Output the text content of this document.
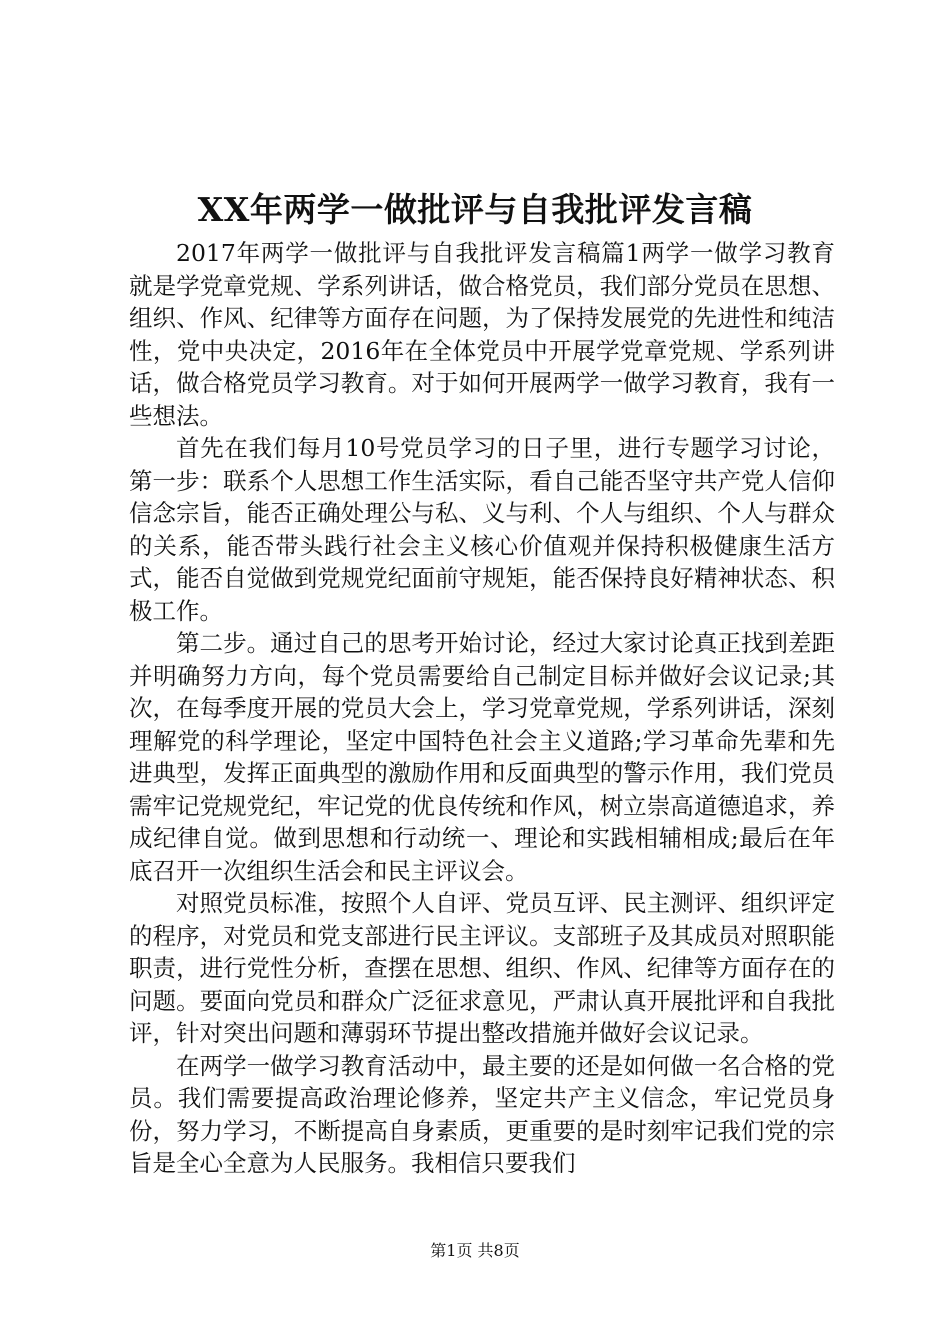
XX年两学一做批评与自我批评发言稿

2017年两学一做批评与自我批评发言稿篇1两学一做学习教育就是学党章党规、学系列讲话，做合格党员，我们部分党员在思想、组织、作风、纪律等方面存在问题，为了保持发展党的先进性和纯洁性，党中央决定，2016年在全体党员中开展学党章党规、学系列讲话，做合格党员学习教育。对于如何开展两学一做学习教育，我有一些想法。

首先在我们每月10号党员学习的日子里，进行专题学习讨论，第一步：联系个人思想工作生活实际，看自己能否坚守共产党人信仰信念宗旨，能否正确处理公与私、义与利、个人与组织、个人与群众的关系，能否带头践行社会主义核心价值观并保持积极健康生活方式，能否自觉做到党规党纪面前守规矩，能否保持良好精神状态、积极工作。

第二步。通过自己的思考开始讨论，经过大家讨论真正找到差距并明确努力方向，每个党员需要给自己制定目标并做好会议记录;其次，在每季度开展的党员大会上，学习党章党规，学系列讲话，深刻理解党的科学理论，坚定中国特色社会主义道路;学习革命先辈和先进典型，发挥正面典型的激励作用和反面典型的警示作用，我们党员需牢记党规党纪，牢记党的优良传统和作风，树立崇高道德追求，养成纪律自觉。做到思想和行动统一、理论和实践相辅相成;最后在年底召开一次组织生活会和民主评议会。

对照党员标准，按照个人自评、党员互评、民主测评、组织评定的程序，对党员和党支部进行民主评议。支部班子及其成员对照职能职责，进行党性分析，查摆在思想、组织、作风、纪律等方面存在的问题。要面向党员和群众广泛征求意见，严肃认真开展批评和自我批评，针对突出问题和薄弱环节提出整改措施并做好会议记录。

在两学一做学习教育活动中，最主要的还是如何做一名合格的党员。我们需要提高政治理论修养，坚定共产主义信念，牢记党员身份，努力学习，不断提高自身素质，更重要的是时刻牢记我们党的宗旨是全心全意为人民服务。我相信只要我们

第1页 共8页
